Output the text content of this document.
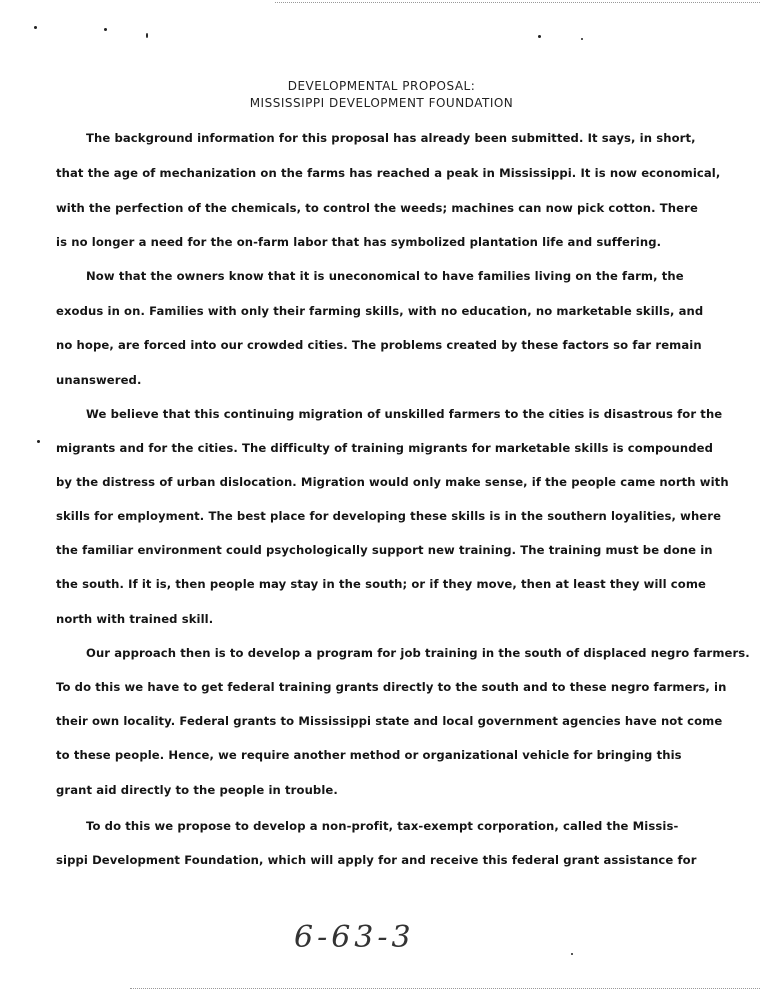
DEVELOPMENTAL PROPOSAL:
MISSISSIPPI DEVELOPMENT FOUNDATION
The background information for this proposal has already been submitted. It says, in short,
that the age of mechanization on the farms has reached a peak in Mississippi. It is now economical,
with the perfection of the chemicals, to control the weeds; machines can now pick cotton. There
is no longer a need for the on-farm labor that has symbolized plantation life and suffering.
Now that the owners know that it is uneconomical to have families living on the farm, the
exodus in on. Families with only their farming skills, with no education, no marketable skills, and
no hope, are forced into our crowded cities. The problems created by these factors so far remain
unanswered.
We believe that this continuing migration of unskilled farmers to the cities is disastrous for the
migrants and for the cities. The difficulty of training migrants for marketable skills is compounded
by the distress of urban dislocation. Migration would only make sense, if the people came north with
skills for employment. The best place for developing these skills is in the southern loyalities, where
the familiar environment could psychologically support new training. The training must be done in
the south. If it is, then people may stay in the south; or if they move, then at least they will come
north with trained skill.
Our approach then is to develop a program for job training in the south of displaced negro farmers.
To do this we have to get federal training grants directly to the south and to these negro farmers, in
their own locality. Federal grants to Mississippi state and local government agencies have not come
to these people. Hence, we require another method or organizational vehicle for bringing this
grant aid directly to the people in trouble.
To do this we propose to develop a non-profit, tax-exempt corporation, called the Missis-
sippi Development Foundation, which will apply for and receive this federal grant assistance for
6-63-3
